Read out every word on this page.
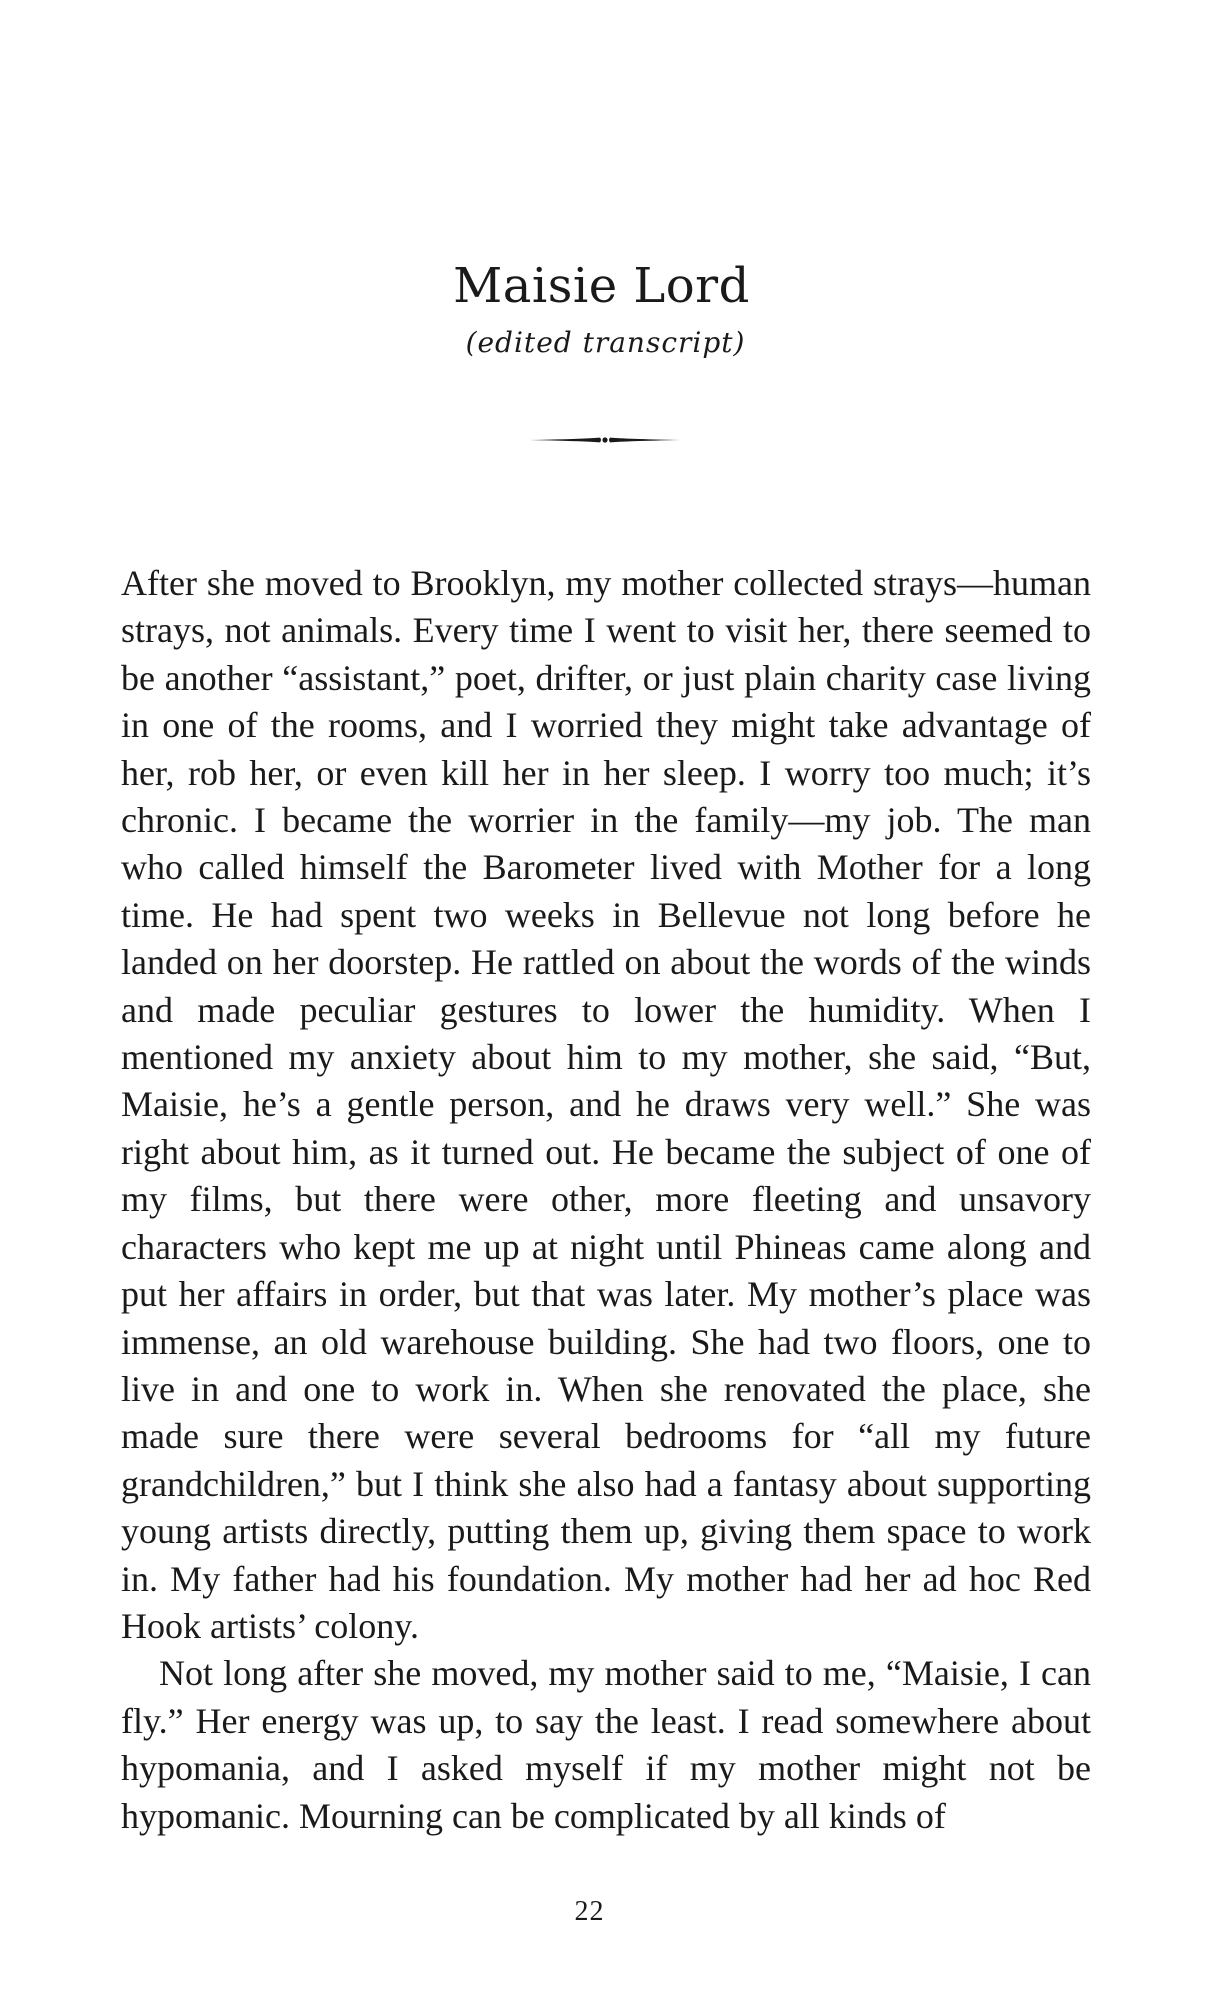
Maisie Lord
(edited transcript)

After she moved to Brooklyn, my mother collected strays—human strays, not animals. Every time I went to visit her, there seemed to be another “assistant,” poet, drifter, or just plain charity case living in one of the rooms, and I worried they might take advantage of her, rob her, or even kill her in her sleep. I worry too much; it’s chronic. I became the worrier in the family—my job. The man who called himself the Barometer lived with Mother for a long time. He had spent two weeks in Bellevue not long before he landed on her doorstep. He rattled on about the words of the winds and made peculiar gestures to lower the humidity. When I mentioned my anxiety about him to my mother, she said, “But, Maisie, he’s a gentle person, and he draws very well.” She was right about him, as it turned out. He became the subject of one of my films, but there were other, more fleeting and unsavory characters who kept me up at night until Phineas came along and put her affairs in order, but that was later. My mother’s place was immense, an old warehouse building. She had two floors, one to live in and one to work in. When she renovated the place, she made sure there were several bedrooms for “all my future grandchildren,” but I think she also had a fantasy about supporting young artists directly, putting them up, giving them space to work in. My father had his foundation. My mother had her ad hoc Red Hook artists’ colony.

Not long after she moved, my mother said to me, “Maisie, I can fly.” Her energy was up, to say the least. I read somewhere about hypomania, and I asked myself if my mother might not be hypomanic. Mourning can be complicated by all kinds of

22
